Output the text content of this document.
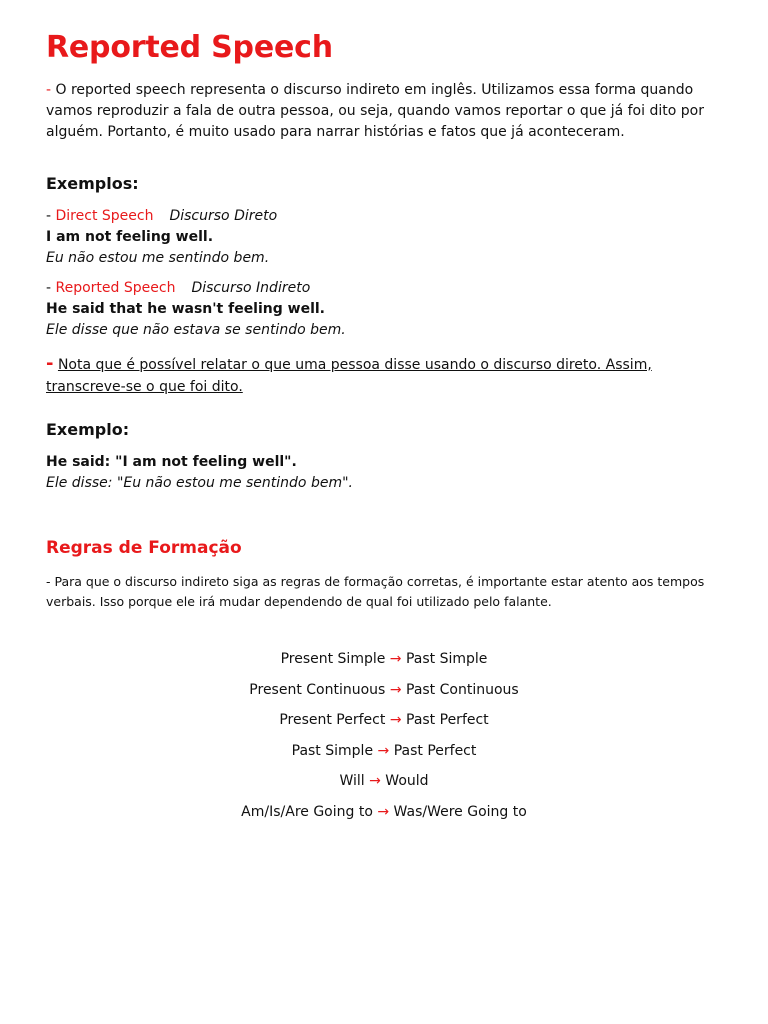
Reported Speech

- O reported speech representa o discurso indireto em inglês. Utilizamos essa forma quando vamos reproduzir a fala de outra pessoa, ou seja, quando vamos reportar o que já foi dito por alguém. Portanto, é muito usado para narrar histórias e fatos que já aconteceram.

Exemplos:

- Direct Speech Discurso Direto

I am not feeling well.

Eu não estou me sentindo bem.

- Reported Speech Discurso Indireto

He said that he wasn't feeling well.

Ele disse que não estava se sentindo bem.

- Nota que é possível relatar o que uma pessoa disse usando o discurso direto. Assim, transcreve-se o que foi dito.

Exemplo:

He said: "I am not feeling well".

Ele disse: "Eu não estou me sentindo bem".

Regras de Formação

- Para que o discurso indireto siga as regras de formação corretas, é importante estar atento aos tempos verbais. Isso porque ele irá mudar dependendo de qual foi utilizado pelo falante.

Present Simple → Past Simple
Present Continuous → Past Continuous
Present Perfect → Past Perfect
Past Simple → Past Perfect
Will → Would
Am/Is/Are Going to → Was/Were Going to
